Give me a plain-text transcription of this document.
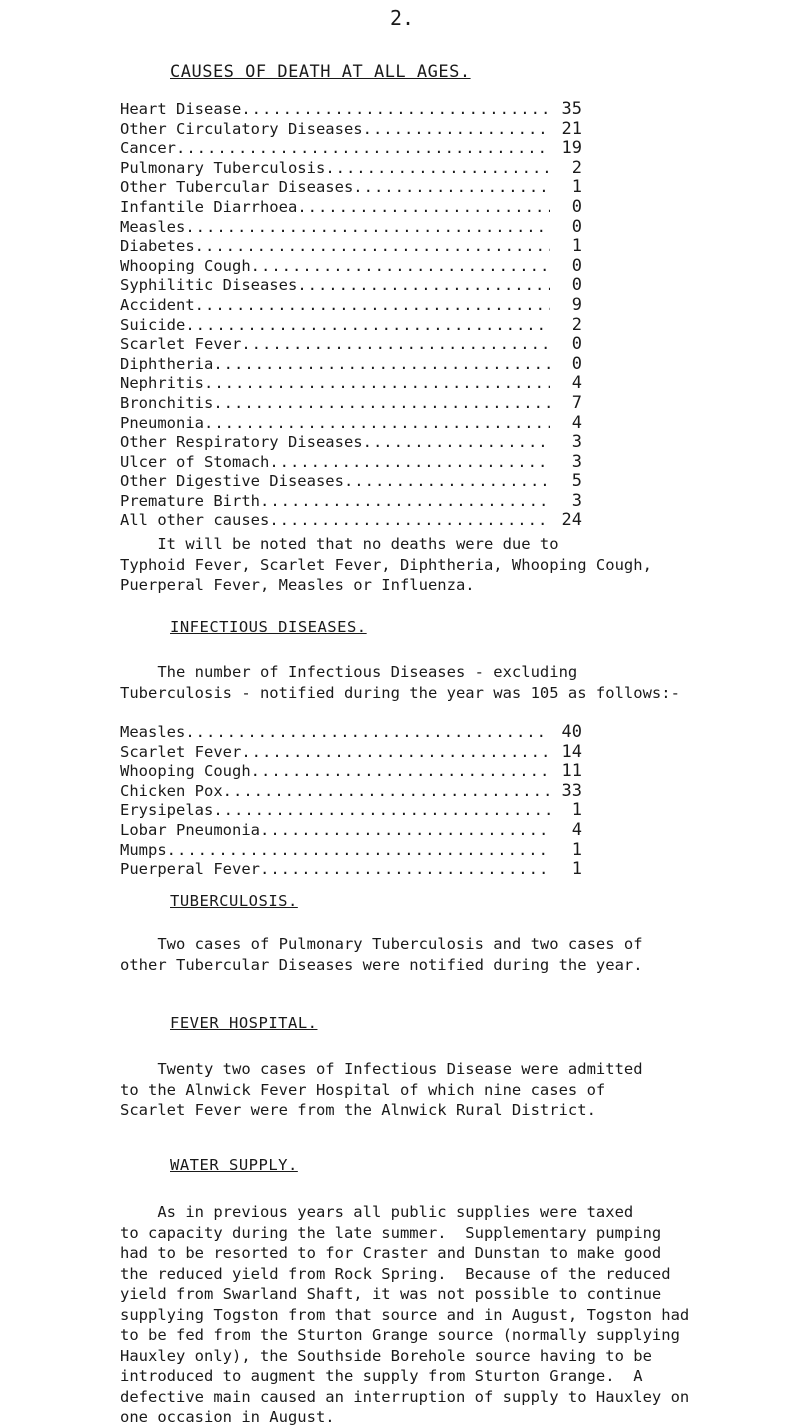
2.
CAUSES OF DEATH AT ALL AGES.
Heart Disease .....	35
Other Circulatory Diseases .....	21
Cancer .....	19
Pulmonary Tuberculosis .....	2
Other Tubercular Diseases .....	1
Infantile Diarrhoea .....	0
Measles .....	0
Diabetes .....	1
Whooping Cough .....	0
Syphilitic Diseases .....	0
Accident .....	9
Suicide .....	2
Scarlet Fever .....	0
Diphtheria .....	0
Nephritis .....	4
Bronchitis .....	7
Pneumonia .....	4
Other Respiratory Diseases .....	3
Ulcer of Stomach .....	3
Other Digestive Diseases .....	5
Premature Birth .....	3
All other causes .....	24
It will be noted that no deaths were due to
Typhoid Fever, Scarlet Fever, Diphtheria, Whooping Cough,
Puerperal Fever, Measles or Influenza.
INFECTIOUS DISEASES.
The number of Infectious Diseases - excluding
Tuberculosis - notified during the year was 105 as follows:-
Measles .....	40
Scarlet Fever .....	14
Whooping Cough .....	11
Chicken Pox .....	33
Erysipelas .....	1
Lobar Pneumonia .....	4
Mumps .....	1
Puerperal Fever .....	1
TUBERCULOSIS.
Two cases of Pulmonary Tuberculosis and two cases of
other Tubercular Diseases were notified during the year.
FEVER HOSPITAL.
Twenty two cases of Infectious Disease were admitted
to the Alnwick Fever Hospital of which nine cases of
Scarlet Fever were from the Alnwick Rural District.
WATER SUPPLY.
As in previous years all public supplies were taxed
to capacity during the late summer.  Supplementary pumping
had to be resorted to for Craster and Dunstan to make good
the reduced yield from Rock Spring.  Because of the reduced
yield from Swarland Shaft, it was not possible to continue
supplying Togston from that source and in August, Togston had
to be fed from the Sturton Grange source (normally supplying
Hauxley only), the Southside Borehole source having to be
introduced to augment the supply from Sturton Grange.  A
defective main caused an interruption of supply to Hauxley on
one occasion in August.
